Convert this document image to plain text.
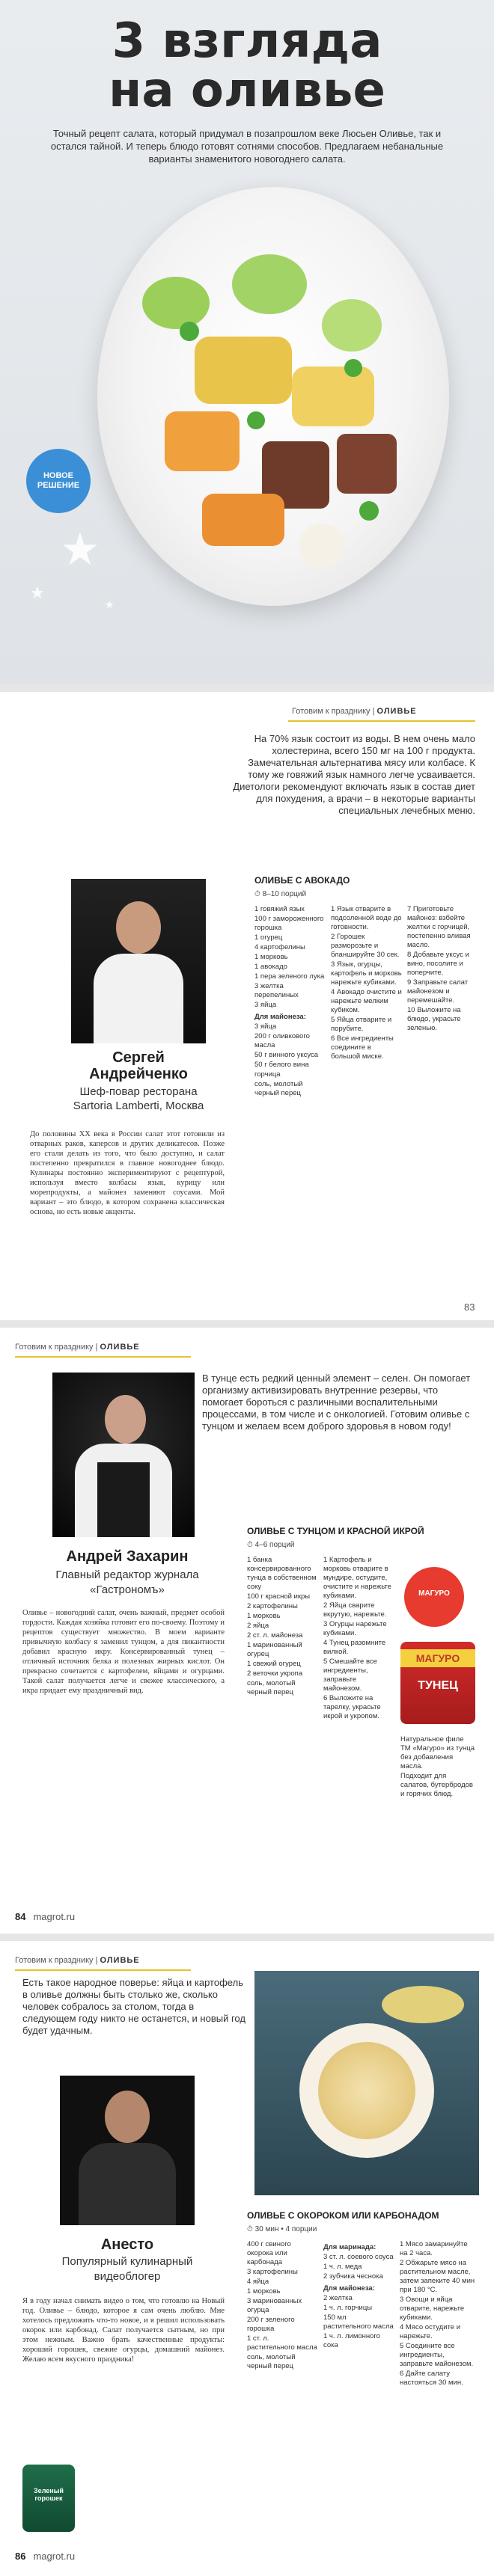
3 взгляда
на оливье
Точный рецепт салата, который придумал в позапрошлом веке Люсьен Оливье, так и остался тайной. И теперь блюдо готовят сотнями способов. Предлагаем небанальные варианты знаменитого новогоднего салата.
НОВОЕ РЕШЕНИЕ
★
★
★
Готовим к празднику | ОЛИВЬЕ
На 70% язык состоит из воды. В нем очень мало холестерина, всего 150 мг на 100 г продукта. Замечательная альтернатива мясу или колбасе. К тому же говяжий язык намного легче усваивается. Диетологи рекомендуют включать язык в состав диет для похудения, а врачи – в некоторые варианты специальных лечебных меню.
Сергей
Андрейченко
Шеф-повар ресторана
Sartoria Lamberti, Москва
До половины XX века в России салат этот готовили из отварных раков, каперсов и других деликатесов. Позже его стали делать из того, что было доступно, и салат постепенно превратился в главное новогоднее блюдо. Кулинары постоянно экспериментируют с рецептурой, используя вместо колбасы язык, курицу или морепродукты, а майонез заменяют соусами. Мой вариант – это блюдо, в котором сохранена классическая основа, но есть новые акценты.
ОЛИВЬЕ С АВОКАДО
⏱ 8–10 порций
1 говяжий язык
100 г замороженного горошка
1 огурец
4 картофелины
1 морковь
1 авокадо
1 пера зеленого лука
3 желтка перепелиных
3 яйца
Для майонеза:
3 яйца
200 г оливкового масла
50 г винного уксуса
50 г белого вина
горчица
соль, молотый черный перец
1 Язык отварите в подсоленной воде до готовности.
2 Горошек разморозьте и бланшируйте 30 сек.
3 Язык, огурцы, картофель и морковь нарежьте кубиками.
4 Авокадо очистите и нарежьте мелким кубиком.
5 Яйца отварите и порубите.
6 Все ингредиенты соедините в большой миске.
7 Приготовьте майонез: взбейте желтки с горчицей, постепенно вливая масло.
8 Добавьте уксус и вино, посолите и поперчите.
9 Заправьте салат майонезом и перемешайте.
10 Выложите на блюдо, украсьте зеленью.
83
Готовим к празднику | ОЛИВЬЕ
В тунце есть редкий ценный элемент – селен. Он помогает организму активизировать внутренние резервы, что помогает бороться с различными воспалительными процессами, в том числе и с онкологией. Готовим оливье с тунцом и желаем всем доброго здоровья в новом году!
Андрей Захарин
Главный редактор журнала
«Гастрономъ»
Оливье – новогодний салат, очень важный, предмет особой гордости. Каждая хозяйка готовит его по-своему. Поэтому и рецептов существует множество. В моем варианте привычную колбасу я заменил тунцом, а для пикантности добавил красную икру. Консервированный тунец – отличный источник белка и полезных жирных кислот. Он прекрасно сочетается с картофелем, яйцами и огурцами. Такой салат получается легче и свежее классического, а икра придает ему праздничный вид.
ОЛИВЬЕ С ТУНЦОМ И КРАСНОЙ ИКРОЙ
⏱ 4–6 порций
1 банка консервированного тунца в собственном соку
100 г красной икры
2 картофелины
1 морковь
2 яйца
2 ст. л. майонеза
1 маринованный огурец
1 свежий огурец
2 веточки укропа
соль, молотый черный перец
1 Картофель и морковь отварите в мундире, остудите, очистите и нарежьте кубиками.
2 Яйца сварите вкрутую, нарежьте.
3 Огурцы нарежьте кубиками.
4 Тунец разомните вилкой.
5 Смешайте все ингредиенты, заправьте майонезом.
6 Выложите на тарелку, украсьте икрой и укропом.
МАГУРО
МАГУРО
ТУНЕЦ
Натуральное филе ТМ «Магуро» из тунца без добавления масла.
Подходит для салатов, бутербродов и горячих блюд.
84 magrot.ru
Готовим к празднику | ОЛИВЬЕ
Есть такое народное поверье: яйца и картофель в оливье должны быть столько же, сколько человек собралось за столом, тогда в следующем году никто не останется, и новый год будет удачным.
Анесто
Популярный кулинарный
видеоблогер
Я в году начал снимать видео о том, что готовлю на Новый год. Оливье – блюдо, которое я сам очень люблю. Мне хотелось предложить что-то новое, и я решил использовать окорок или карбонад. Салат получается сытным, но при этом нежным. Важно брать качественные продукты: хороший горошек, свежие огурцы, домашний майонез. Желаю всем вкусного праздника!
Зеленый горошек
ОЛИВЬЕ С ОКОРОКОМ ИЛИ КАРБОНАДОМ
⏱ 30 мин • 4 порции
400 г свиного окорока или карбонада
3 картофелины
4 яйца
1 морковь
3 маринованных огурца
200 г зеленого горошка
1 ст. л. растительного масла
соль, молотый черный перец
Для маринада:
3 ст. л. соевого соуса
1 ч. л. меда
2 зубчика чеснока
Для майонеза:
2 желтка
1 ч. л. горчицы
150 мл растительного масла
1 ч. л. лимонного сока
1 Мясо замаринуйте на 2 часа.
2 Обжарьте мясо на растительном масле, затем запеките 40 мин при 180 °C.
3 Овощи и яйца отварите, нарежьте кубиками.
4 Мясо остудите и нарежьте.
5 Соедините все ингредиенты, заправьте майонезом.
6 Дайте салату настояться 30 мин.
86 magrot.ru
